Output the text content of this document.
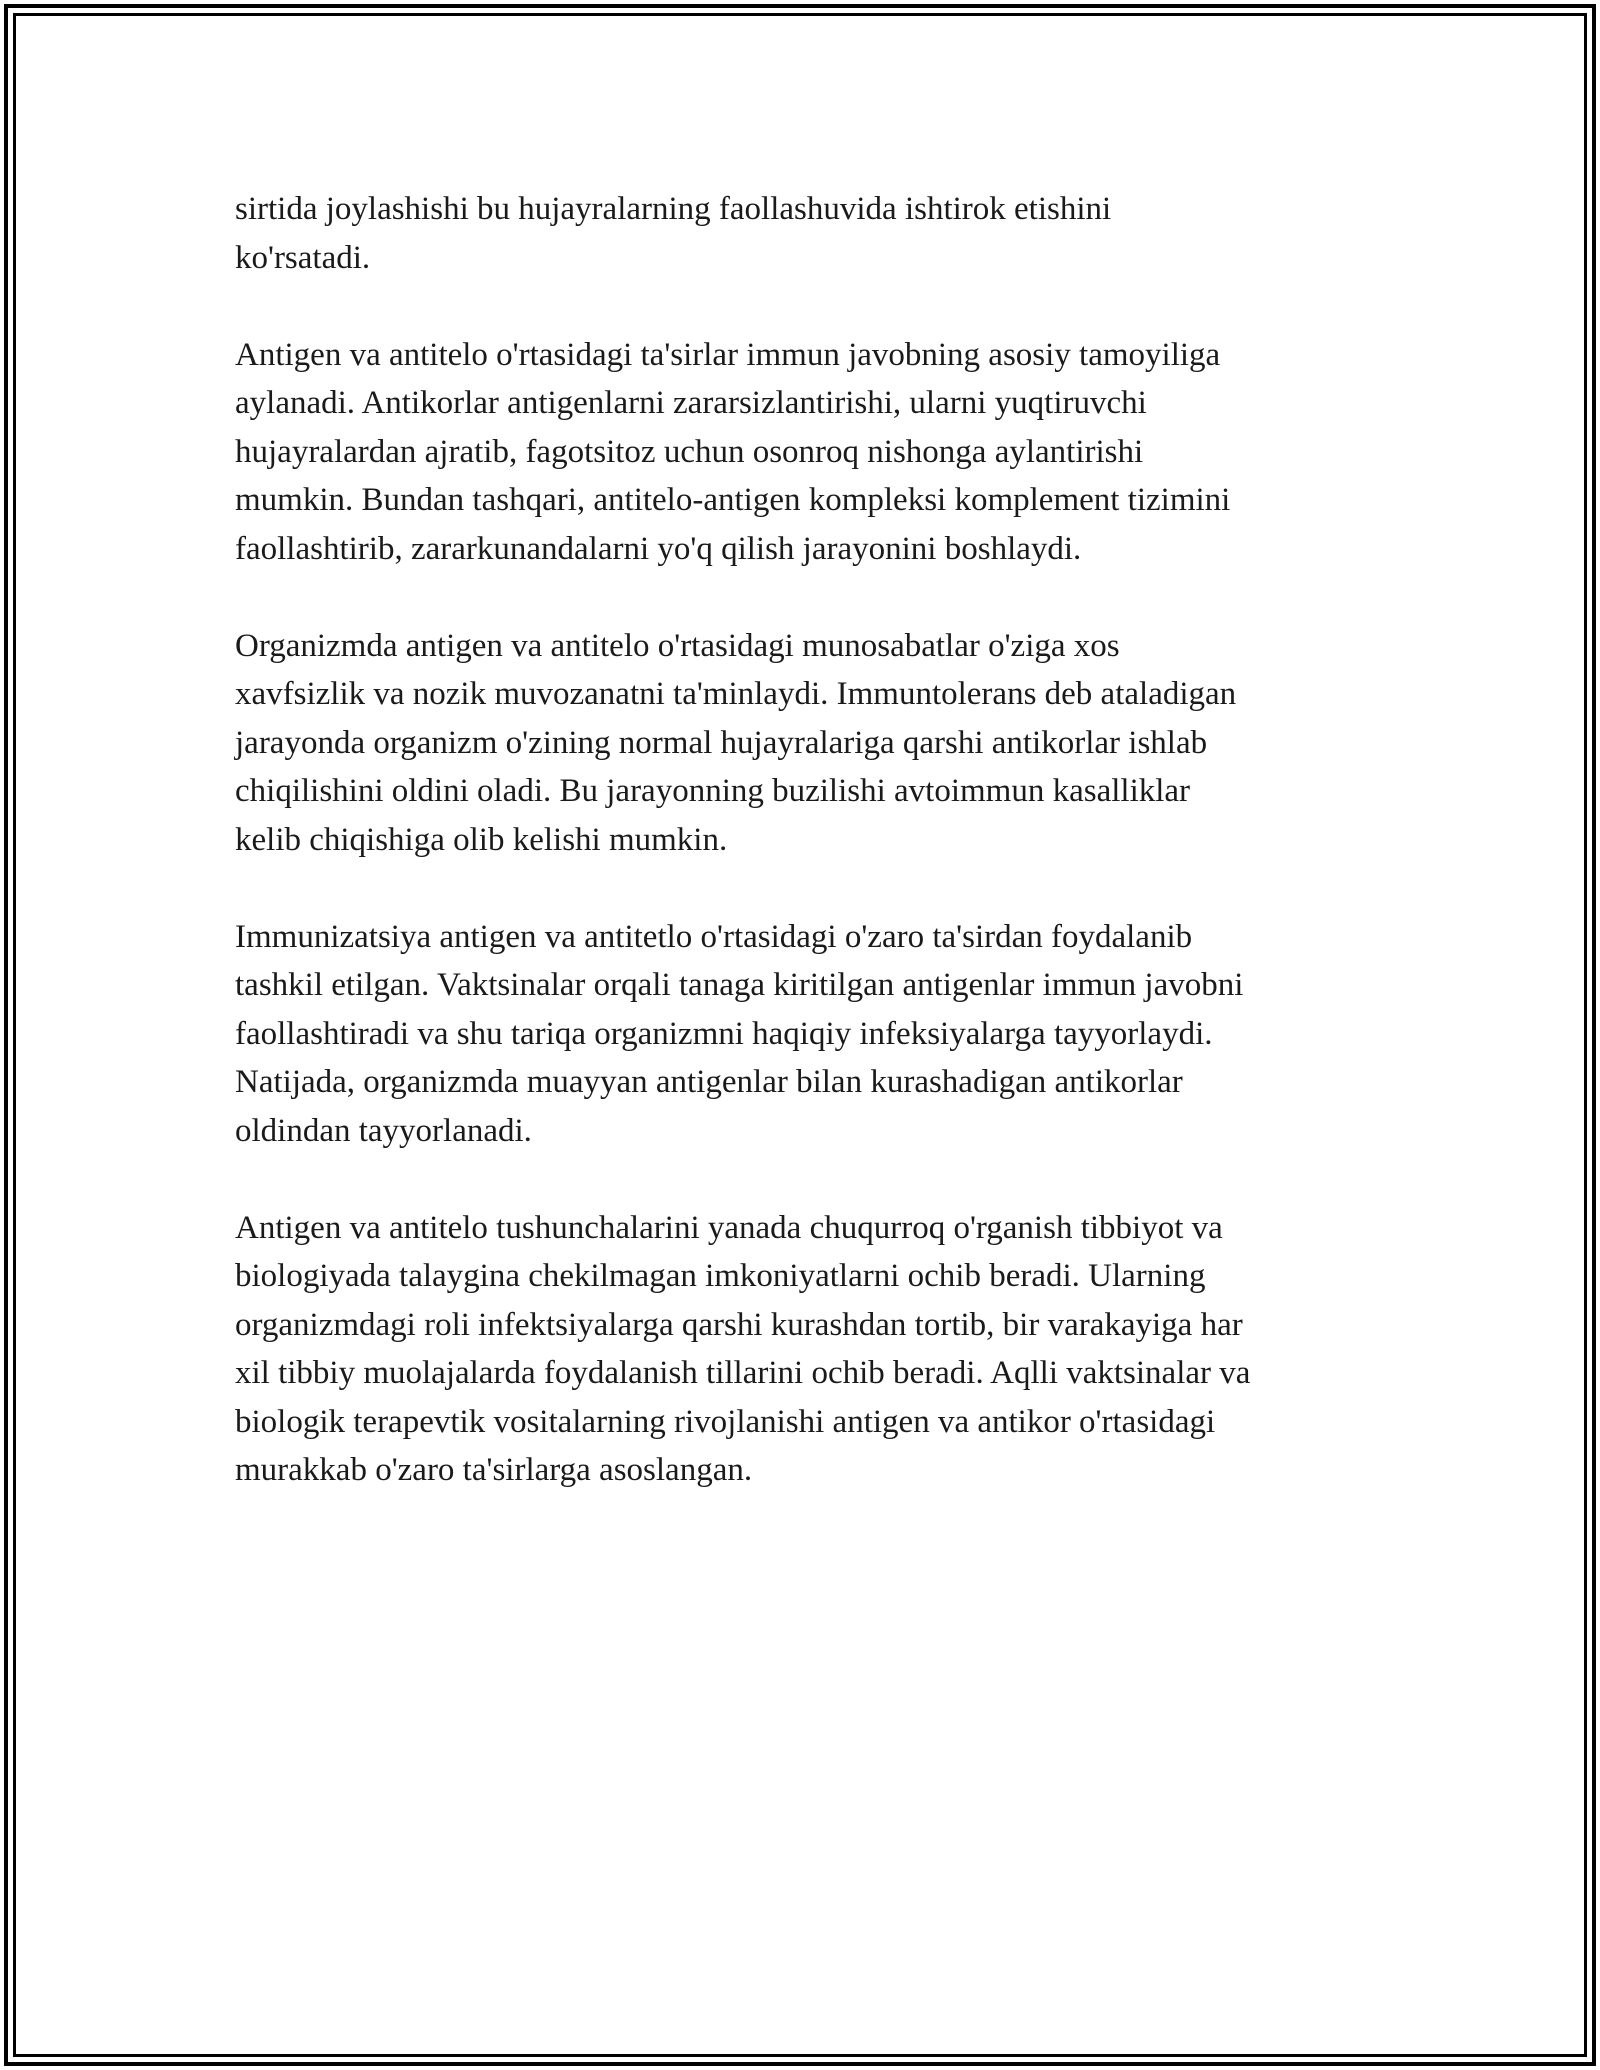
sirtida joylashishi bu hujayralarning faollashuvida ishtirok etishini
ko'rsatadi.

Antigen va antitelo o'rtasidagi ta'sirlar immun javobning asosiy tamoyiliga
aylanadi. Antikorlar antigenlarni zararsizlantirishi, ularni yuqtiruvchi
hujayralardan ajratib, fagotsitoz uchun osonroq nishonga aylantirishi
mumkin. Bundan tashqari, antitelo-antigen kompleksi komplement tizimini
faollashtirib, zararkunandalarni yo'q qilish jarayonini boshlaydi.

Organizmda antigen va antitelo o'rtasidagi munosabatlar o'ziga xos
xavfsizlik va nozik muvozanatni ta'minlaydi. Immuntolerans deb ataladigan
jarayonda organizm o'zining normal hujayralariga qarshi antikorlar ishlab
chiqilishini oldini oladi. Bu jarayonning buzilishi avtoimmun kasalliklar
kelib chiqishiga olib kelishi mumkin.

Immunizatsiya antigen va antitetlo o'rtasidagi o'zaro ta'sirdan foydalanib
tashkil etilgan. Vaktsinalar orqali tanaga kiritilgan antigenlar immun javobni
faollashtiradi va shu tariqa organizmni haqiqiy infeksiyalarga tayyorlaydi.
Natijada, organizmda muayyan antigenlar bilan kurashadigan antikorlar
oldindan tayyorlanadi.

Antigen va antitelo tushunchalarini yanada chuqurroq o'rganish tibbiyot va
biologiyada talaygina chekilmagan imkoniyatlarni ochib beradi. Ularning
organizmdagi roli infektsiyalarga qarshi kurashdan tortib, bir varakayiga har
xil tibbiy muolajalarda foydalanish tillarini ochib beradi. Aqlli vaktsinalar va
biologik terapevtik vositalarning rivojlanishi antigen va antikor o'rtasidagi
murakkab o'zaro ta'sirlarga asoslangan.
